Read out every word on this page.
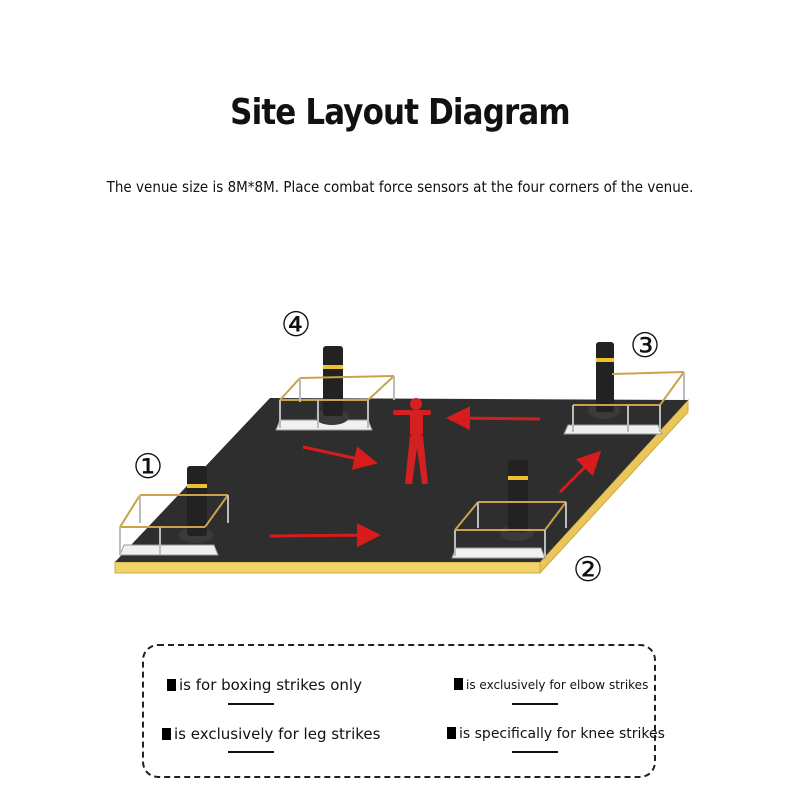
Site Layout Diagram
The venue size is 8M*8M. Place combat force sensors at the four corners of the venue.
①
②
③
④
is for boxing strikes only
is exclusively for leg strikes
is exclusively for elbow strikes
is specifically for knee strikes
